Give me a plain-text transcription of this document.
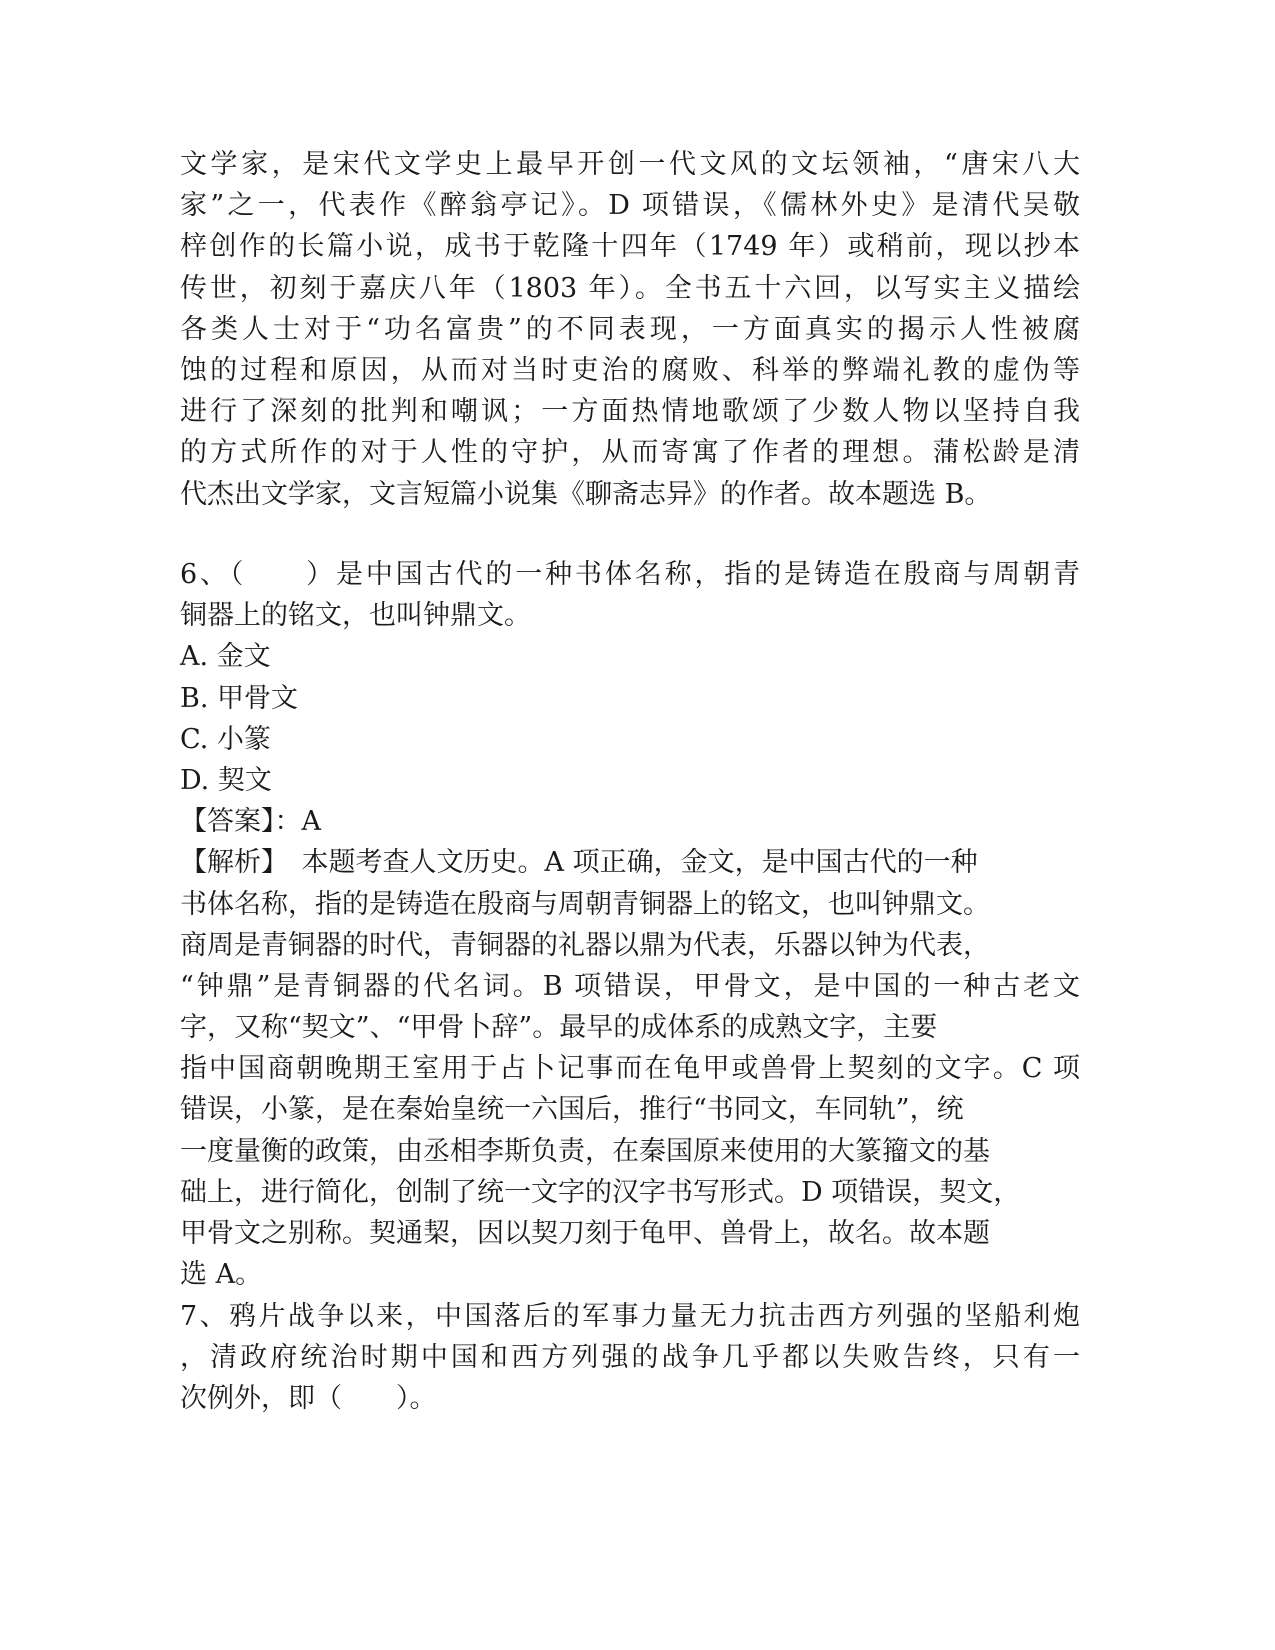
文学家，是宋代文学史上最早开创一代文风的文坛领袖，“唐宋八大
家”之一，代表作《醉翁亭记》。D 项错误，《儒林外史》是清代吴敬
梓创作的长篇小说，成书于乾隆十四年（1749 年）或稍前，现以抄本
传世，初刻于嘉庆八年（1803 年）。全书五十六回，以写实主义描绘
各类人士对于“功名富贵”的不同表现，一方面真实的揭示人性被腐
蚀的过程和原因，从而对当时吏治的腐败、科举的弊端礼教的虚伪等
进行了深刻的批判和嘲讽；一方面热情地歌颂了少数人物以坚持自我
的方式所作的对于人性的守护，从而寄寓了作者的理想。蒲松龄是清
代杰出文学家，文言短篇小说集《聊斋志异》的作者。故本题选 B。
6、（　　）是中国古代的一种书体名称，指的是铸造在殷商与周朝青
铜器上的铭文，也叫钟鼎文。
A. 金文
B. 甲骨文
C. 小篆
D. 契文
【答案】：A
【解析】　本题考查人文历史。A 项正确，金文，是中国古代的一种
书体名称，指的是铸造在殷商与周朝青铜器上的铭文，也叫钟鼎文。
商周是青铜器的时代，青铜器的礼器以鼎为代表，乐器以钟为代表，
“钟鼎”是青铜器的代名词。B 项错误，甲骨文，是中国的一种古老文
字，又称“契文”、“甲骨卜辞”。最早的成体系的成熟文字，主要
指中国商朝晚期王室用于占卜记事而在龟甲或兽骨上契刻的文字。C 项
错误，小篆，是在秦始皇统一六国后，推行“书同文，车同轨”，统
一度量衡的政策，由丞相李斯负责，在秦国原来使用的大篆籀文的基
础上，进行简化，创制了统一文字的汉字书写形式。D 项错误，契文，
甲骨文之别称。契通栔，因以契刀刻于龟甲、兽骨上，故名。故本题
选 A。
7、鸦片战争以来，中国落后的军事力量无力抗击西方列强的坚船利炮
，清政府统治时期中国和西方列强的战争几乎都以失败告终，只有一
次例外，即（　　）。
